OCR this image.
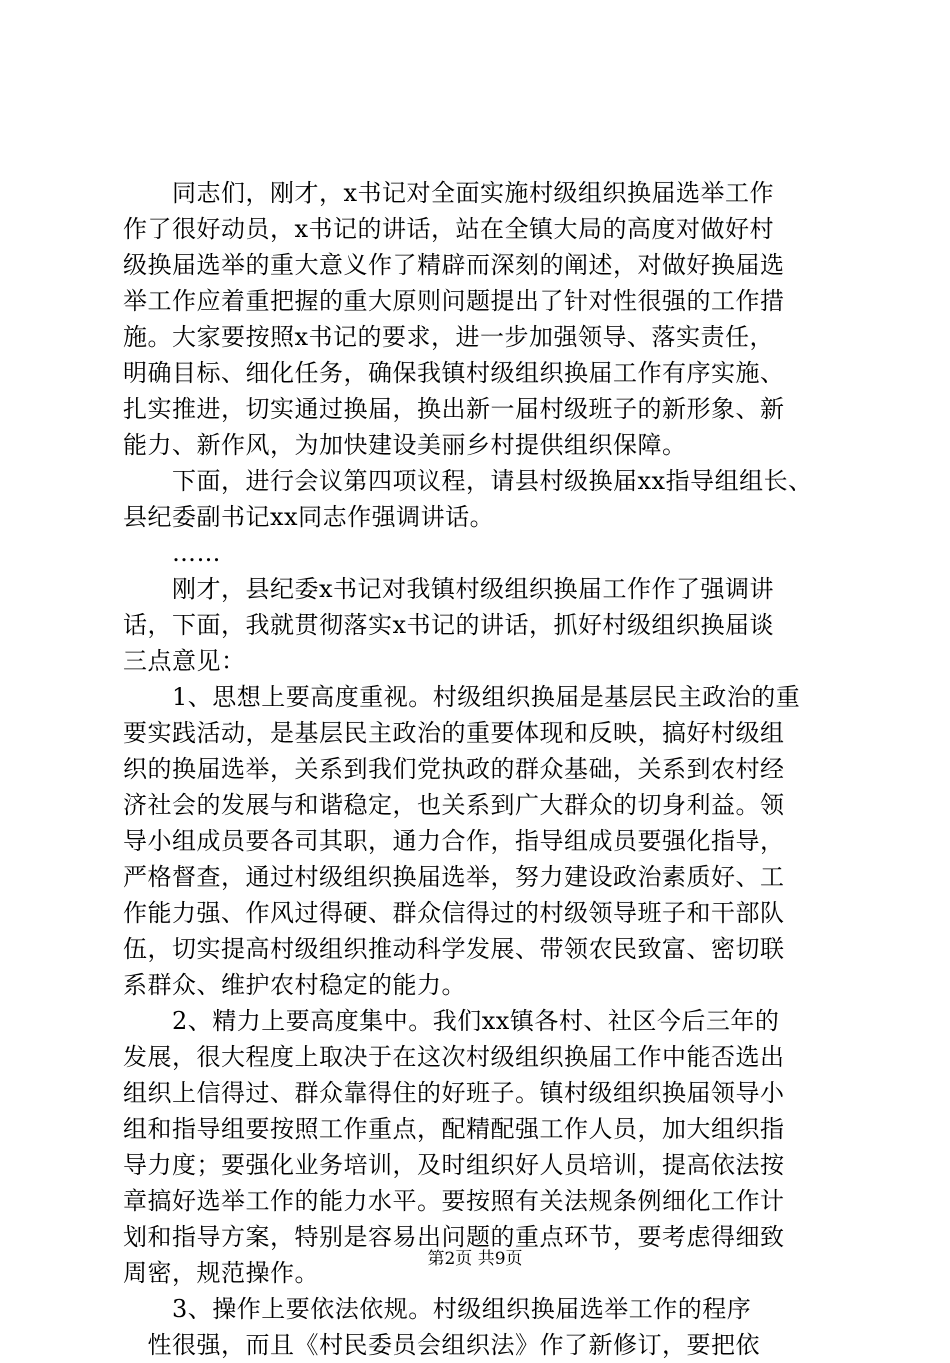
　　同志们，刚才，x书记对全面实施村级组织换届选举工作
作了很好动员，x书记的讲话，站在全镇大局的高度对做好村
级换届选举的重大意义作了精辟而深刻的阐述，对做好换届选
举工作应着重把握的重大原则问题提出了针对性很强的工作措
施。大家要按照x书记的要求，进一步加强领导、落实责任，
明确目标、细化任务，确保我镇村级组织换届工作有序实施、
扎实推进，切实通过换届，换出新一届村级班子的新形象、新
能力、新作风，为加快建设美丽乡村提供组织保障。
　　下面，进行会议第四项议程，请县村级换届xx指导组组长、
县纪委副书记xx同志作强调讲话。
　　……
　　刚才，县纪委x书记对我镇村级组织换届工作作了强调讲
话，下面，我就贯彻落实x书记的讲话，抓好村级组织换届谈
三点意见：
　　1、思想上要高度重视。村级组织换届是基层民主政治的重
要实践活动，是基层民主政治的重要体现和反映，搞好村级组
织的换届选举，关系到我们党执政的群众基础，关系到农村经
济社会的发展与和谐稳定，也关系到广大群众的切身利益。领
导小组成员要各司其职，通力合作，指导组成员要强化指导，
严格督查，通过村级组织换届选举，努力建设政治素质好、工
作能力强、作风过得硬、群众信得过的村级领导班子和干部队
伍，切实提高村级组织推动科学发展、带领农民致富、密切联
系群众、维护农村稳定的能力。
　　2、精力上要高度集中。我们xx镇各村、社区今后三年的
发展，很大程度上取决于在这次村级组织换届工作中能否选出
组织上信得过、群众靠得住的好班子。镇村级组织换届领导小
组和指导组要按照工作重点，配精配强工作人员，加大组织指
导力度；要强化业务培训，及时组织好人员培训，提高依法按
章搞好选举工作的能力水平。要按照有关法规条例细化工作计
划和指导方案，特别是容易出问题的重点环节，要考虑得细致
周密，规范操作。
　　3、操作上要依法依规。村级组织换届选举工作的程序
　性很强，而且《村民委员会组织法》作了新修订，要把依
第2页 共9页
